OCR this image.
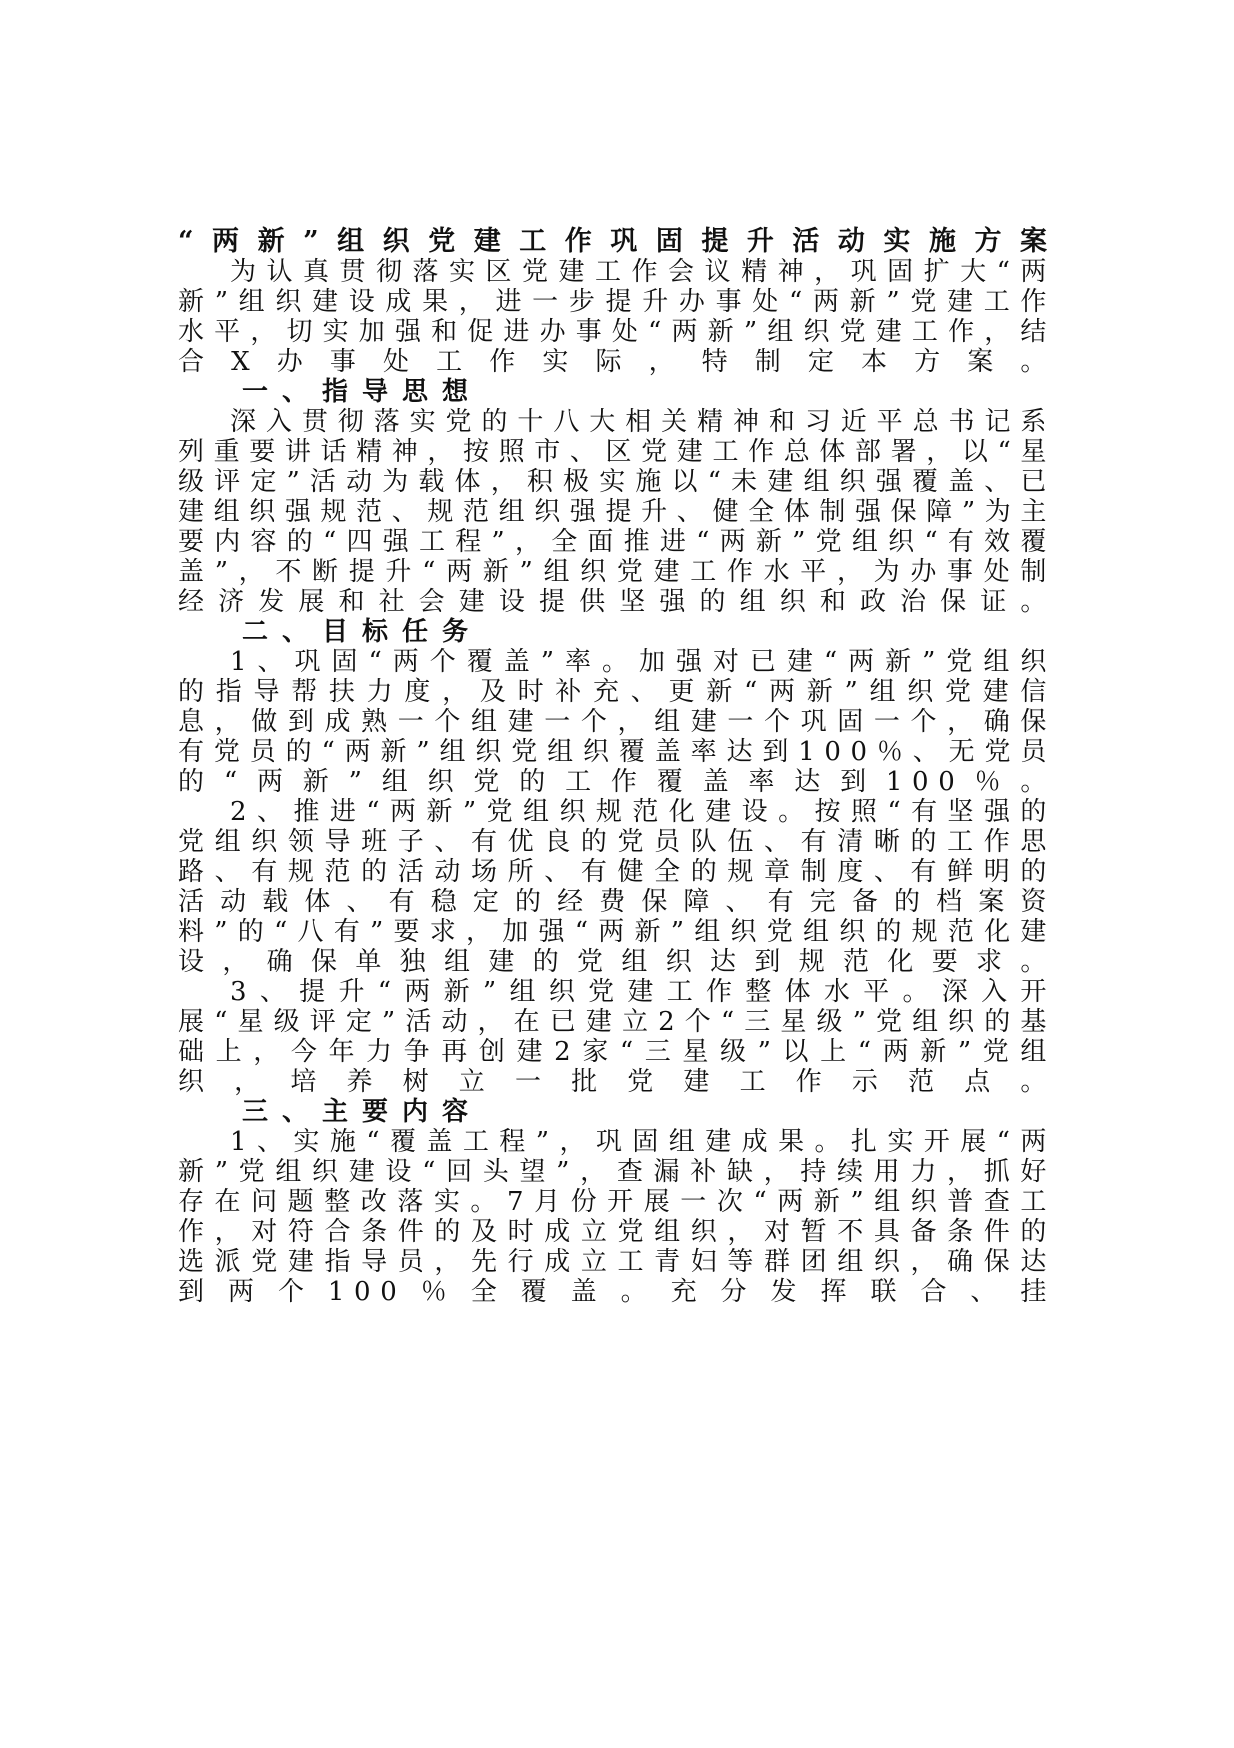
“两新”组织党建工作巩固提升活动实施方案

为认真贯彻落实区党建工作会议精神，巩固扩大“两新”组织建设成果，进一步提升办事处“两新”党建工作水平，切实加强和促进办事处“两新”组织党建工作，结合X办事处工作实际，特制定本方案。

一、指导思想

深入贯彻落实党的十八大相关精神和习近平总书记系列重要讲话精神，按照市、区党建工作总体部署，以“星级评定”活动为载体，积极实施以“未建组织强覆盖、已建组织强规范、规范组织强提升、健全体制强保障”为主要内容的“四强工程”，全面推进“两新”党组织“有效覆盖”，不断提升“两新”组织党建工作水平，为办事处制经济发展和社会建设提供坚强的组织和政治保证。

二、目标任务

1、巩固“两个覆盖”率。加强对已建“两新”党组织的指导帮扶力度，及时补充、更新“两新”组织党建信息，做到成熟一个组建一个，组建一个巩固一个，确保有党员的“两新”组织党组织覆盖率达到100％、无党员的“两新”组织党的工作覆盖率达到100％。

2、推进“两新”党组织规范化建设。按照“有坚强的党组织领导班子、有优良的党员队伍、有清晰的工作思路、有规范的活动场所、有健全的规章制度、有鲜明的活动载体、有稳定的经费保障、有完备的档案资料”的“八有”要求，加强“两新”组织党组织的规范化建设，确保单独组建的党组织达到规范化要求。

3、提升“两新”组织党建工作整体水平。深入开展“星级评定”活动，在已建立2个“三星级”党组织的基础上，今年力争再创建2家“三星级”以上“两新”党组织，培养树立一批党建工作示范点。

三、主要内容

1、实施“覆盖工程”，巩固组建成果。扎实开展“两新”党组织建设“回头望”，查漏补缺，持续用力，抓好存在问题整改落实。7月份开展一次“两新”组织普查工作，对符合条件的及时成立党组织，对暂不具备条件的选派党建指导员，先行成立工青妇等群团组织，确保达到两个100％全覆盖。充分发挥联合、挂
